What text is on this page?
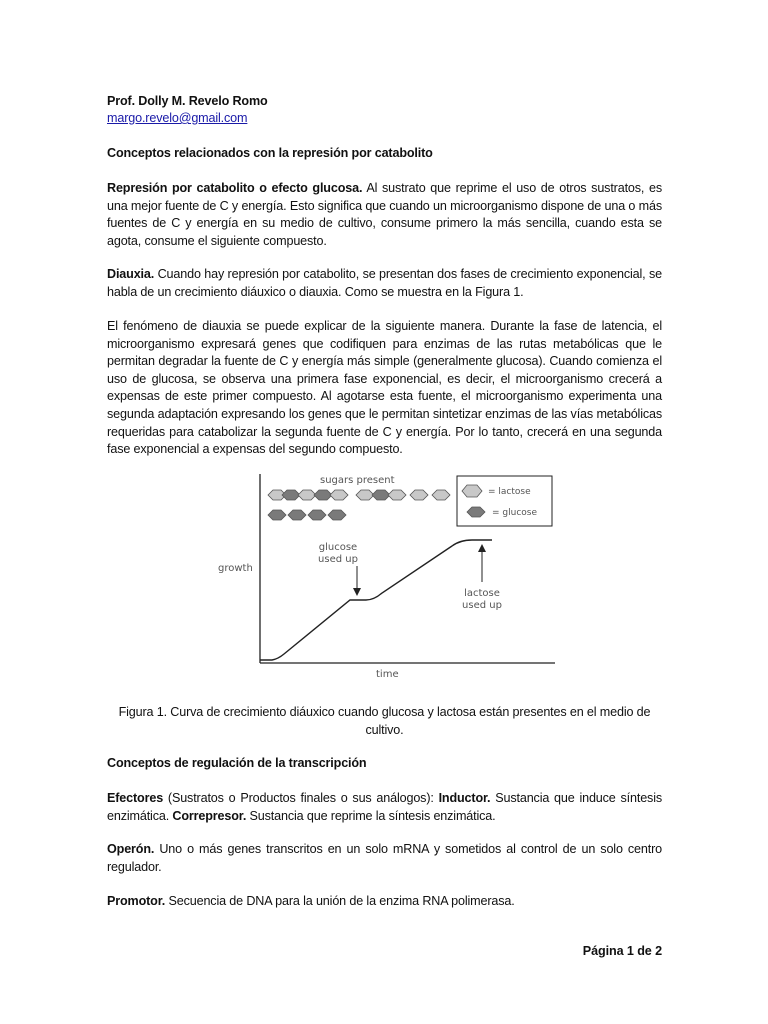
Prof. Dolly M. Revelo Romo

margo.revelo@gmail.com

Conceptos relacionados con la represión por catabolito

Represión por catabolito o efecto glucosa. Al sustrato que reprime el uso de otros sustratos, es una mejor fuente de C y energía. Esto significa que cuando un microorganismo dispone de una o más fuentes de C y energía en su medio de cultivo, consume primero la más sencilla, cuando esta se agota, consume el siguiente compuesto.

Diauxia. Cuando hay represión por catabolito, se presentan dos fases de crecimiento exponencial, se habla de un crecimiento diáuxico o diauxia. Como se muestra en la Figura 1.

El fenómeno de diauxia se puede explicar de la siguiente manera. Durante la fase de latencia, el microorganismo expresará genes que codifiquen para enzimas de las rutas metabólicas que le permitan degradar la fuente de C y energía más simple (generalmente glucosa). Cuando comienza el uso de glucosa, se observa una primera fase exponencial, es decir, el microorganismo crecerá a expensas de este primer compuesto. Al agotarse esta fuente, el microorganismo experimenta una segunda adaptación expresando los genes que le permitan sintetizar enzimas de las vías metabólicas requeridas para catabolizar la segunda fuente de C y energía. Por lo tanto, crecerá en una segunda fase exponencial a expensas del segundo compuesto.

sugars present
= lactose
= glucose
growth
time
glucose
used up
lactose
used up

Figura 1. Curva de crecimiento diáuxico cuando glucosa y lactosa están presentes en el medio de cultivo.

Conceptos de regulación de la transcripción

Efectores (Sustratos o Productos finales o sus análogos): Inductor. Sustancia que induce síntesis enzimática. Correpresor. Sustancia que reprime la síntesis enzimática.

Operón. Uno o más genes transcritos en un solo mRNA y sometidos al control de un solo centro regulador.

Promotor. Secuencia de DNA para la unión de la enzima RNA polimerasa.

Página 1 de 2
